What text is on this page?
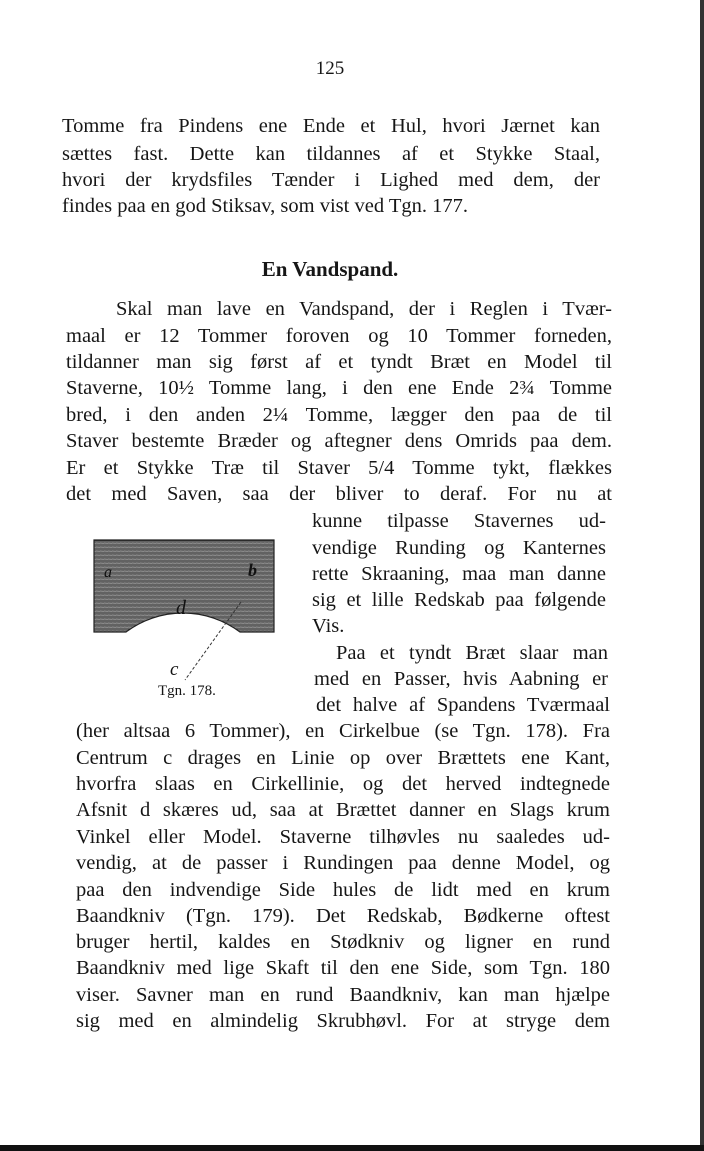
125
Tomme fra Pindens ene Ende et Hul, hvori Jærnet kan
sættes fast. Dette kan tildannes af et Stykke Staal,
hvori der krydsfiles Tænder i Lighed med dem, der
findes paa en god Stiksav, som vist ved Tgn. 177.
En Vandspand.
Skal man lave en Vandspand, der i Reglen i Tvær-
maal er 12 Tommer foroven og 10 Tommer forneden,
tildanner man sig først af et tyndt Bræt en Model til
Staverne, 10½ Tomme lang, i den ene Ende 2¾ Tomme
bred, i den anden 2¼ Tomme, lægger den paa de til
Staver bestemte Bræder og aftegner dens Omrids paa dem.
Er et Stykke Træ til Staver 5/4 Tomme tykt, flækkes
det med Saven, saa der bliver to deraf. For nu at
kunne tilpasse Stavernes ud-
vendige Runding og Kanternes
rette Skraaning, maa man danne
sig et lille Redskab paa følgende
Vis.
Paa et tyndt Bræt slaar man
med en Passer, hvis Aabning er
det halve af Spandens Tværmaal
(her altsaa 6 Tommer), en Cirkelbue (se Tgn. 178). Fra
Centrum c drages en Linie op over Brættets ene Kant,
hvorfra slaas en Cirkellinie, og det herved indtegnede
Afsnit d skæres ud, saa at Brættet danner en Slags krum
Vinkel eller Model. Staverne tilhøvles nu saaledes ud-
vendig, at de passer i Rundingen paa denne Model, og
paa den indvendige Side hules de lidt med en krum
Baandkniv (Tgn. 179). Det Redskab, Bødkerne oftest
bruger hertil, kaldes en Stødkniv og ligner en rund
Baandkniv med lige Skaft til den ene Side, som Tgn. 180
viser. Savner man en rund Baandkniv, kan man hjælpe
sig med en almindelig Skrubhøvl. For at stryge dem
a	b
d
c
Tgn. 178.
